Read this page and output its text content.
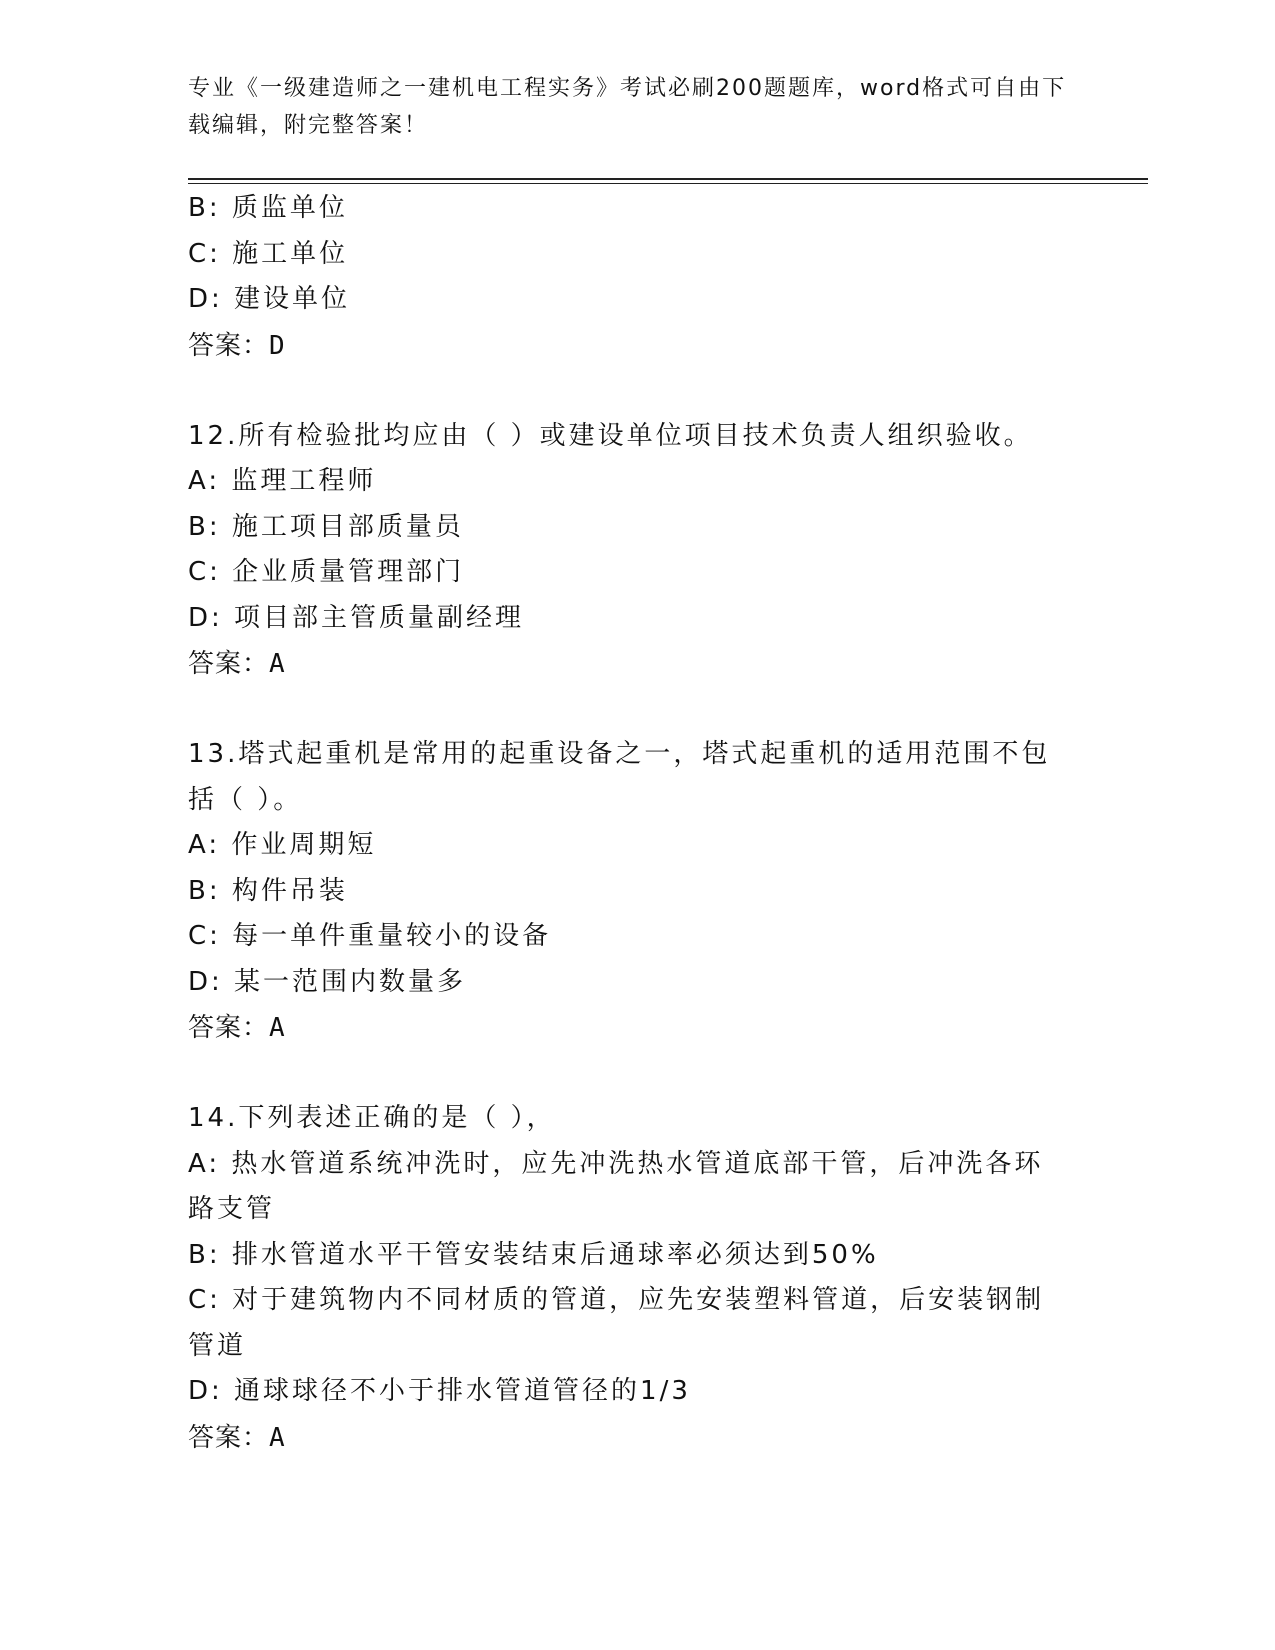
专业《一级建造师之一建机电工程实务》考试必刷200题题库，word格式可自由下载编辑，附完整答案！

B: 质监单位

C: 施工单位

D: 建设单位

答案：D

12.所有检验批均应由（ ）或建设单位项目技术负责人组织验收。

A: 监理工程师

B: 施工项目部质量员

C: 企业质量管理部门

D: 项目部主管质量副经理

答案：A

13.塔式起重机是常用的起重设备之一，塔式起重机的适用范围不包括（ ）。

A: 作业周期短

B: 构件吊装

C: 每一单件重量较小的设备

D: 某一范围内数量多

答案：A

14.下列表述正确的是（ ），

A: 热水管道系统冲洗时，应先冲洗热水管道底部干管，后冲洗各环路支管

B: 排水管道水平干管安装结束后通球率必须达到50%

C: 对于建筑物内不同材质的管道，应先安装塑料管道，后安装钢制管道

D: 通球球径不小于排水管道管径的1/3

答案：A
